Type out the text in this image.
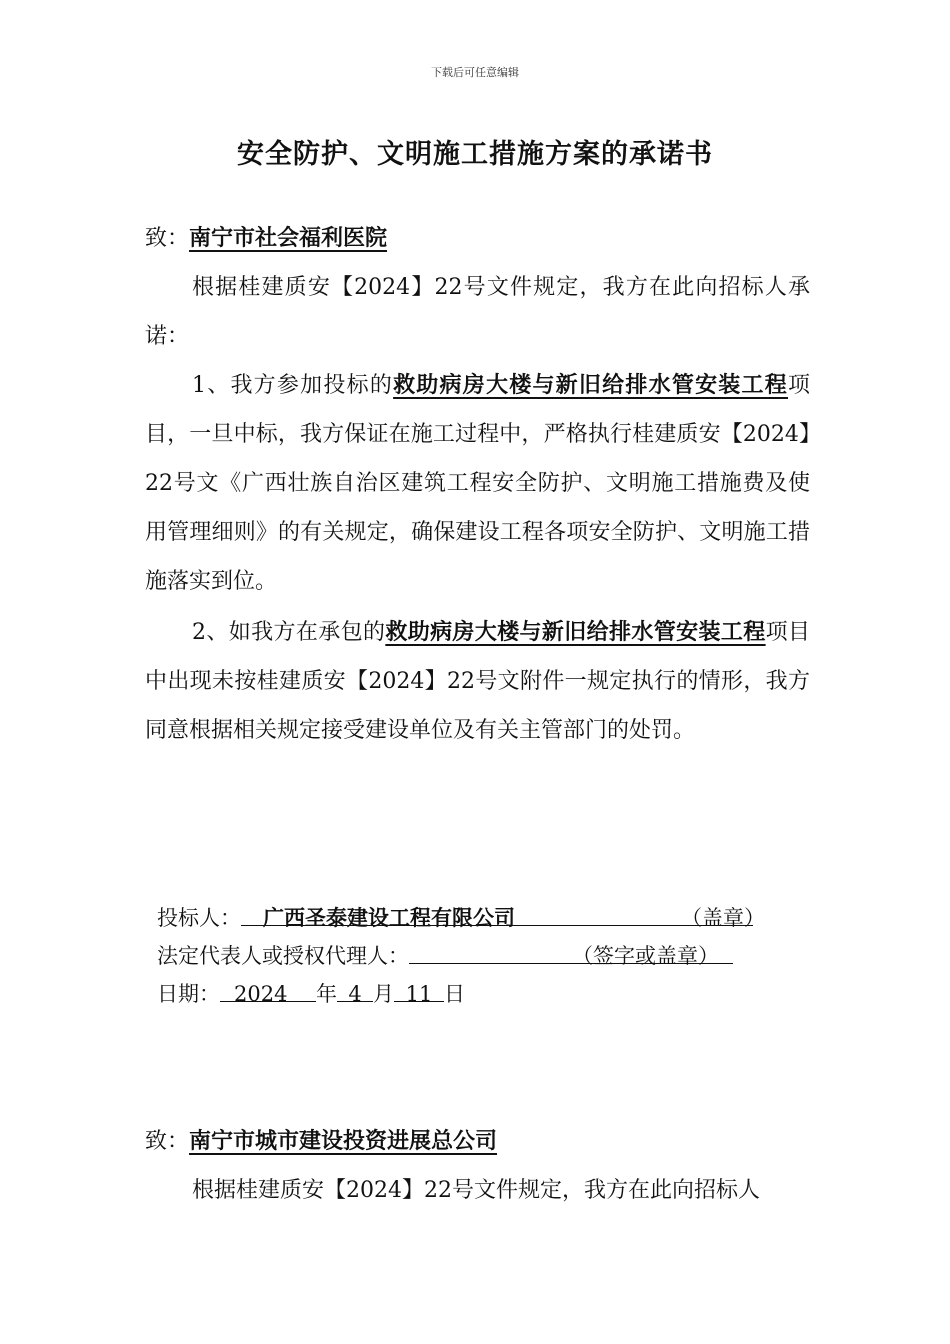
下载后可任意编辑
安全防护、文明施工措施方案的承诺书
致：南宁市社会福利医院
根据桂建质安【2024】22号文件规定，我方在此向招标人承诺：
1、我方参加投标的救助病房大楼与新旧给排水管安装工程项目，一旦中标，我方保证在施工过程中，严格执行桂建质安【2024】22号文《广西壮族自治区建筑工程安全防护、文明施工措施费及使用管理细则》的有关规定，确保建设工程各项安全防护、文明施工措施落实到位。
2、如我方在承包的救助病房大楼与新旧给排水管安装工程项目中出现未按桂建质安【2024】22号文附件一规定执行的情形，我方同意根据相关规定接受建设单位及有关主管部门的处罚。
投标人： 广西圣泰建设工程有限公司	（盖章）
法定代表人或授权代理人：	（签字或盖章）
日期： 2024 年 4 月 11 日
致：南宁市城市建设投资进展总公司
根据桂建质安【2024】22号文件规定，我方在此向招标人
